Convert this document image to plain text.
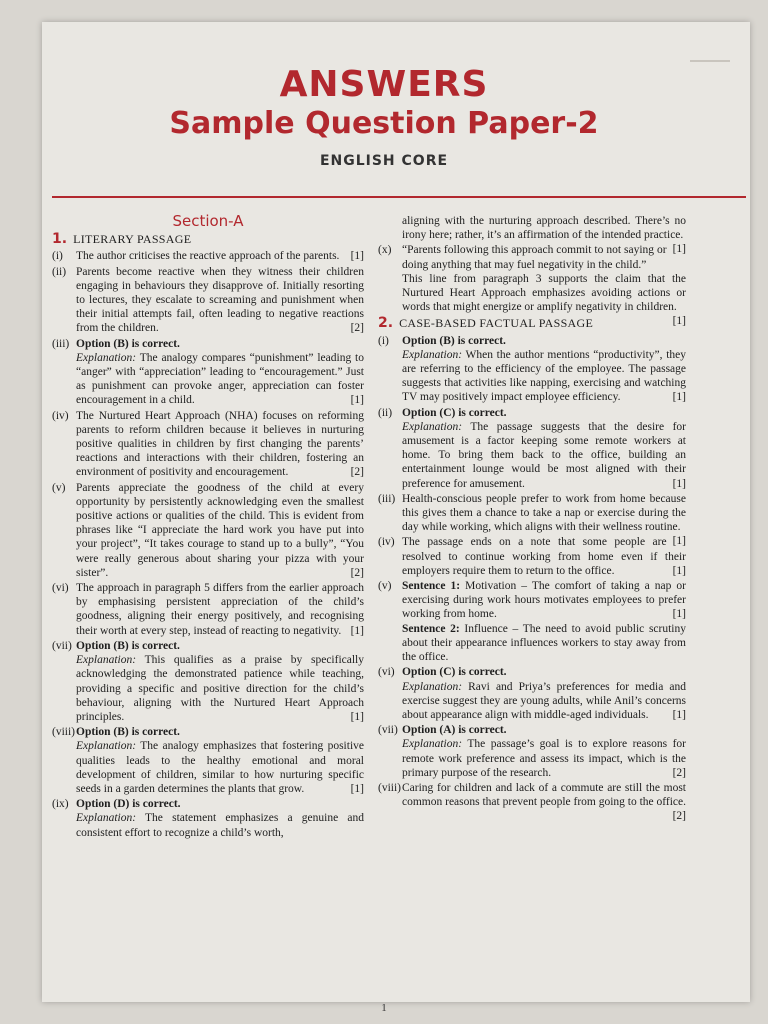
ANSWERS
Sample Question Paper-2
ENGLISH CORE
Section-A
1. LITERARY PASSAGE
(i) The author criticises the reactive approach of the parents. [1]
(ii) Parents become reactive when they witness their children engaging in behaviours they disapprove of. Initially resorting to lectures, they escalate to screaming and punishment when their initial attempts fail, often leading to negative reactions from the children.	[2]
(iii) Option (B) is correct.
Explanation: The analogy compares “punishment” leading to “anger” with “appreciation” leading to “encouragement.” Just as punishment can provoke anger, appreciation can foster encouragement in a child.	[1]
(iv) The Nurtured Heart Approach (NHA) focuses on reforming parents to reform children because it believes in nurturing positive qualities in children by first changing the parents’ reactions and interactions with their children, fostering an environment of positivity and encouragement.	[2]
(v) Parents appreciate the goodness of the child at every opportunity by persistently acknowledging even the smallest positive actions or qualities of the child. This is evident from phrases like “I appreciate the hard work you have put into your project”, “It takes courage to stand up to a bully”, “You were really generous about sharing your pizza with your sister”.	[2]
(vi) The approach in paragraph 5 differs from the earlier approach by emphasising persistent appreciation of the child’s goodness, aligning their energy positively, and recognising their worth at every step, instead of reacting to negativity. [1]
(vii) Option (B) is correct.
Explanation: This qualifies as a praise by specifically acknowledging the demonstrated patience while teaching, providing a specific and positive direction for the child’s behaviour, aligning with the Nurtured Heart Approach principles.	[1]
(viii) Option (B) is correct.
Explanation: The analogy emphasizes that fostering positive qualities leads to the healthy emotional and moral development of children, similar to how nurturing specific seeds in a garden determines the plants that grow.	[1]
(ix) Option (D) is correct.
Explanation: The statement emphasizes a genuine and consistent effort to recognize a child’s worth,
aligning with the nurturing approach described. There’s no irony here; rather, it’s an affirmation of the intended practice.
[1]
(x) “Parents following this approach commit to not saying or doing anything that may fuel negativity in the child.”
This line from paragraph 3 supports the claim that the Nurtured Heart Approach emphasizes avoiding actions or words that might energize or amplify negativity in children.
[1]
2. CASE-BASED FACTUAL PASSAGE
(i) Option (B) is correct.
Explanation: When the author mentions “productivity”, they are referring to the efficiency of the employee. The passage suggests that activities like napping, exercising and watching TV may positively impact employee efficiency.	[1]
(ii) Option (C) is correct.
Explanation: The passage suggests that the desire for amusement is a factor keeping some remote workers at home. To bring them back to the office, building an entertainment lounge would be most aligned with their preference for amusement.	[1]
(iii) Health-conscious people prefer to work from home because this gives them a chance to take a nap or exercise during the day while working, which aligns with their wellness routine.
[1]
(iv) The passage ends on a note that some people are resolved to continue working from home even if their employers require them to return to the office.	[1]
(v) Sentence 1: Motivation – The comfort of taking a nap or exercising during work hours motivates employees to prefer working from home.	[1]
Sentence 2: Influence – The need to avoid public scrutiny about their appearance influences workers to stay away from the office.
(vi) Option (C) is correct.
Explanation: Ravi and Priya’s preferences for media and exercise suggest they are young adults, while Anil’s concerns about appearance align with middle-aged individuals. [1]
(vii) Option (A) is correct.
Explanation: The passage’s goal is to explore reasons for remote work preference and assess its impact, which is the primary purpose of the research.	[2]
(viii) Caring for children and lack of a commute are still the most common reasons that prevent people from going to the office.
[2]
1
